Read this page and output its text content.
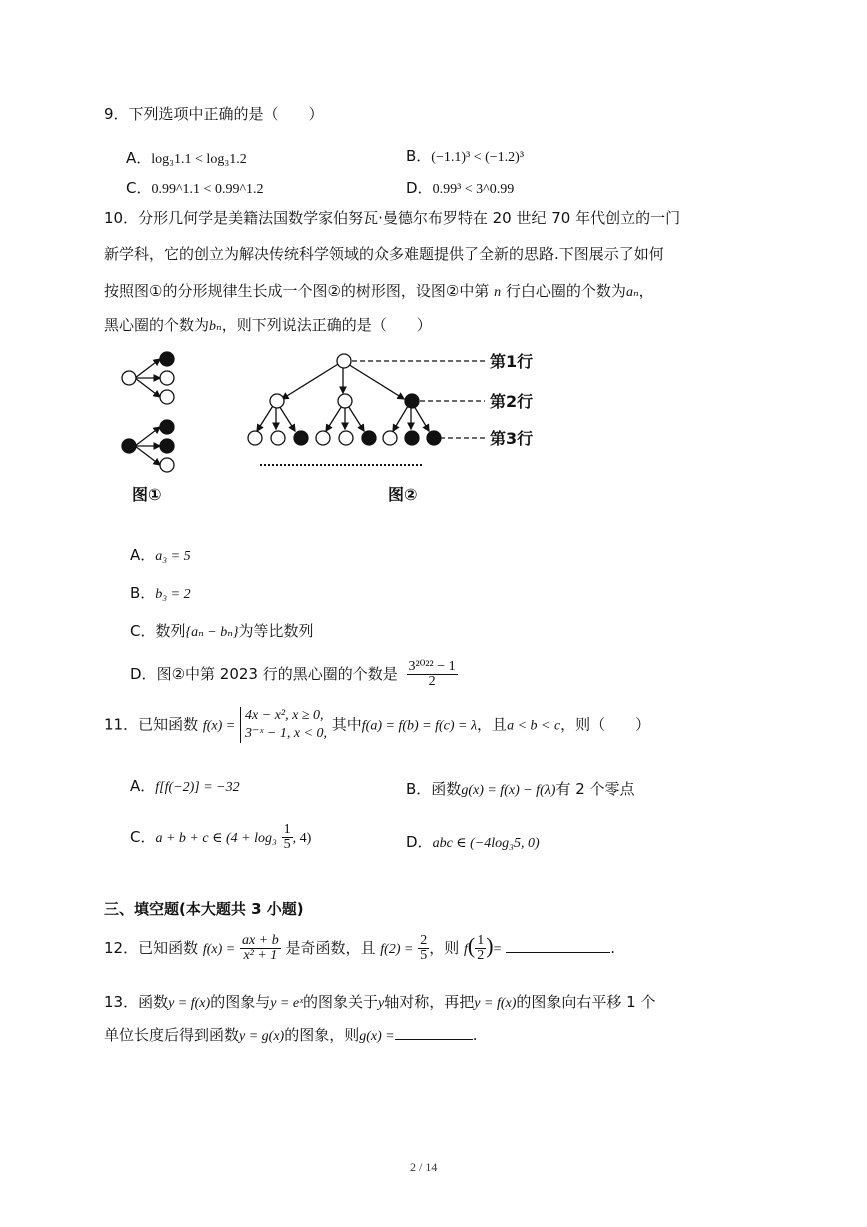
9．下列选项中正确的是（　　）
A．log₃1.1 < log₃1.2	B．(−1.1)³ < (−1.2)³
C．0.99^1.1 < 0.99^1.2	D．0.99³ < 3^0.99
10．分形几何学是美籍法国数学家伯努瓦·曼德尔布罗特在 20 世纪 70 年代创立的一门
新学科，它的创立为解决传统科学领域的众多难题提供了全新的思路.下图展示了如何
按照图①的分形规律生长成一个图②的树形图，设图②中第 n 行白心圈的个数为aₙ，
黑心圈的个数为bₙ，则下列说法正确的是（　　）
第1行
第2行
第3行
图①	图②
A．a₃ = 5
B．b₃ = 2
C．数列{aₙ − bₙ}为等比数列
D．图②中第 2023 行的黑心圈的个数是 $\frac{\text{3²⁰²² − 1}}{2}$
11．已知函数 f(x) =
4x − x², x ≥ 0,
3⁻ˣ − 1, x < 0, 其中f(a) = f(b) = f(c) = λ，且a < b < c，则（　　）
A．f[f(−2)] = −32	B．函数g(x) = f(x) − f(λ)有 2 个零点
C．a + b + c ∈ ($4 + \log_3 \frac{1}{5}$ , 4)	D．abc ∈ (−4log₃5, 0)
三、填空题(本大题共 3 小题)
12．已知函数 $f(x) = \frac{ax + b}{\text{x² + 1}}$ 是奇函数，且 $f(2) = \frac{2}{5}$ ，则 $f( \frac{1}{2}$ )=	.
13．函数y = f(x)的图象与y = eˣ的图象关于y轴对称，再把y = f(x)的图象向右平移 1 个
单位长度后得到函数y = g(x)的图象，则g(x) =	.
2 / 14
